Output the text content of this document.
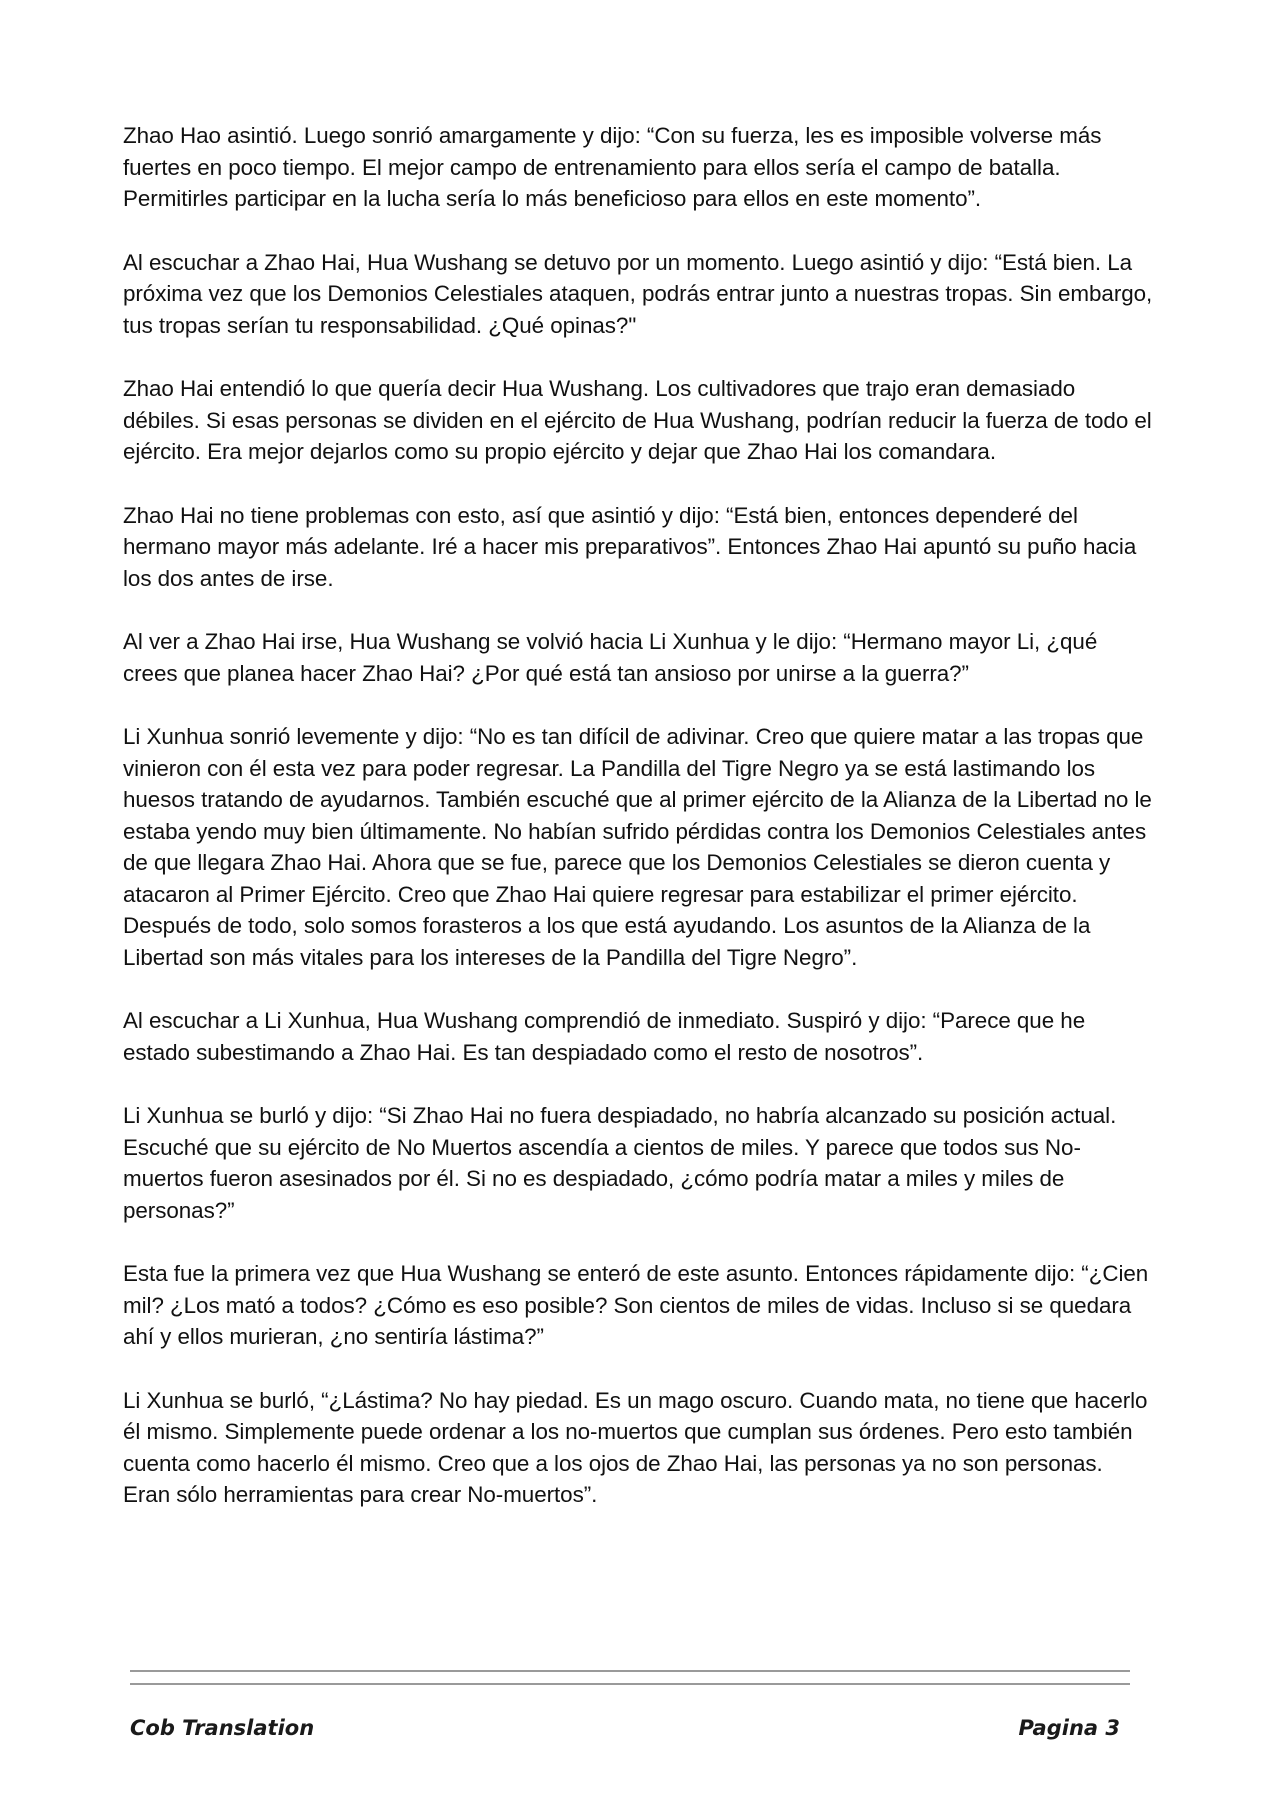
Zhao Hao asintió. Luego sonrió amargamente y dijo: “Con su fuerza, les es imposible volverse más fuertes en poco tiempo. El mejor campo de entrenamiento para ellos sería el campo de batalla. Permitirles participar en la lucha sería lo más beneficioso para ellos en este momento”.

Al escuchar a Zhao Hai, Hua Wushang se detuvo por un momento. Luego asintió y dijo: “Está bien. La próxima vez que los Demonios Celestiales ataquen, podrás entrar junto a nuestras tropas. Sin embargo, tus tropas serían tu responsabilidad. ¿Qué opinas?"

Zhao Hai entendió lo que quería decir Hua Wushang. Los cultivadores que trajo eran demasiado débiles. Si esas personas se dividen en el ejército de Hua Wushang, podrían reducir la fuerza de todo el ejército. Era mejor dejarlos como su propio ejército y dejar que Zhao Hai los comandara.

Zhao Hai no tiene problemas con esto, así que asintió y dijo: “Está bien, entonces dependeré del hermano mayor más adelante. Iré a hacer mis preparativos”. Entonces Zhao Hai apuntó su puño hacia los dos antes de irse.

Al ver a Zhao Hai irse, Hua Wushang se volvió hacia Li Xunhua y le dijo: “Hermano mayor Li, ¿qué crees que planea hacer Zhao Hai? ¿Por qué está tan ansioso por unirse a la guerra?”

Li Xunhua sonrió levemente y dijo: “No es tan difícil de adivinar. Creo que quiere matar a las tropas que vinieron con él esta vez para poder regresar. La Pandilla del Tigre Negro ya se está lastimando los huesos tratando de ayudarnos. También escuché que al primer ejército de la Alianza de la Libertad no le estaba yendo muy bien últimamente. No habían sufrido pérdidas contra los Demonios Celestiales antes de que llegara Zhao Hai. Ahora que se fue, parece que los Demonios Celestiales se dieron cuenta y atacaron al Primer Ejército. Creo que Zhao Hai quiere regresar para estabilizar el primer ejército. Después de todo, solo somos forasteros a los que está ayudando. Los asuntos de la Alianza de la Libertad son más vitales para los intereses de la Pandilla del Tigre Negro”.

Al escuchar a Li Xunhua, Hua Wushang comprendió de inmediato. Suspiró y dijo: “Parece que he estado subestimando a Zhao Hai. Es tan despiadado como el resto de nosotros”.

Li Xunhua se burló y dijo: “Si Zhao Hai no fuera despiadado, no habría alcanzado su posición actual. Escuché que su ejército de No Muertos ascendía a cientos de miles. Y parece que todos sus No-muertos fueron asesinados por él. Si no es despiadado, ¿cómo podría matar a miles y miles de personas?”

Esta fue la primera vez que Hua Wushang se enteró de este asunto. Entonces rápidamente dijo: “¿Cien mil? ¿Los mató a todos? ¿Cómo es eso posible? Son cientos de miles de vidas. Incluso si se quedara ahí y ellos murieran, ¿no sentiría lástima?”

Li Xunhua se burló, “¿Lástima? No hay piedad. Es un mago oscuro. Cuando mata, no tiene que hacerlo él mismo. Simplemente puede ordenar a los no-muertos que cumplan sus órdenes. Pero esto también cuenta como hacerlo él mismo. Creo que a los ojos de Zhao Hai, las personas ya no son personas. Eran sólo herramientas para crear No-muertos”.

Cob Translation	Pagina 3
